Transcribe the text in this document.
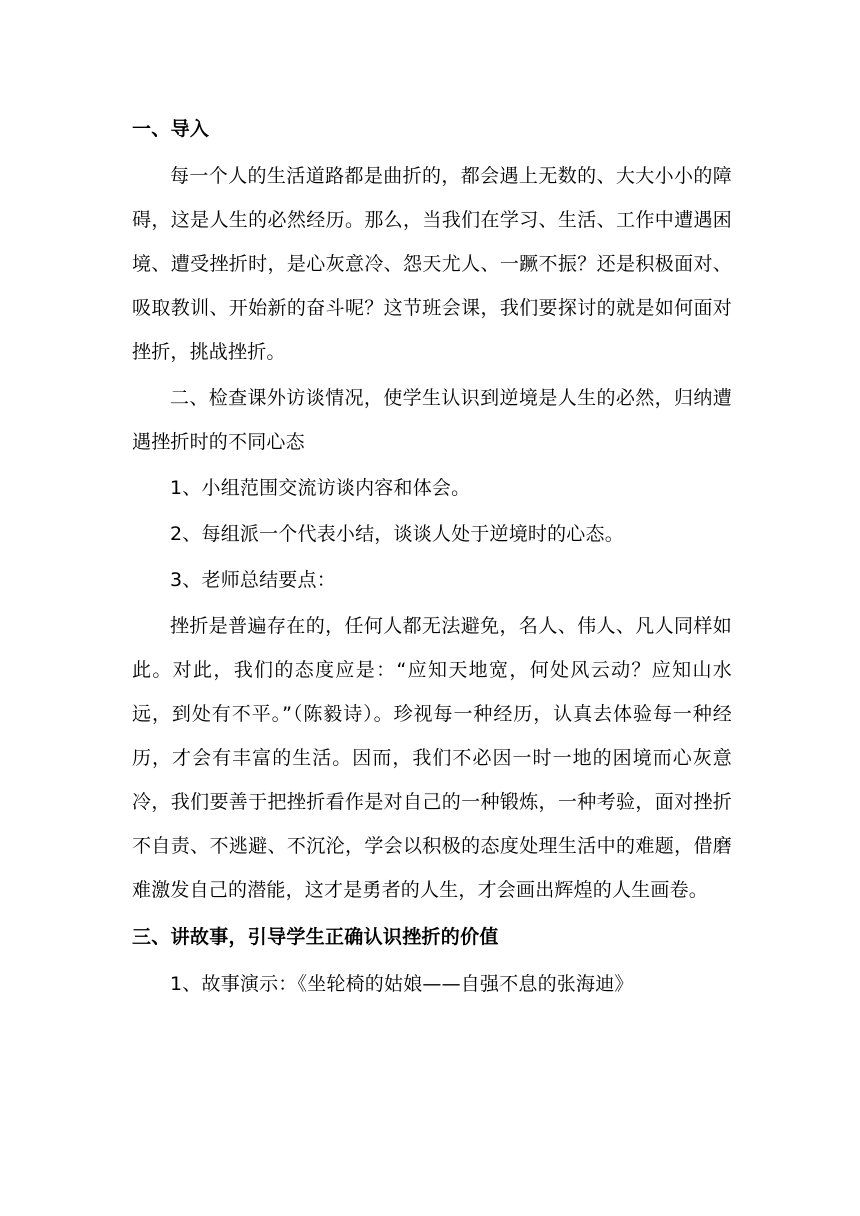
一、导入

每一个人的生活道路都是曲折的，都会遇上无数的、大大小小的障碍，这是人生的必然经历。那么，当我们在学习、生活、工作中遭遇困境、遭受挫折时，是心灰意冷、怨天尤人、一蹶不振？还是积极面对、吸取教训、开始新的奋斗呢？这节班会课，我们要探讨的就是如何面对挫折，挑战挫折。

二、检查课外访谈情况，使学生认识到逆境是人生的必然，归纳遭遇挫折时的不同心态

1、小组范围交流访谈内容和体会。

2、每组派一个代表小结，谈谈人处于逆境时的心态。

3、老师总结要点：

挫折是普遍存在的，任何人都无法避免，名人、伟人、凡人同样如此。对此，我们的态度应是：“应知天地宽，何处风云动？应知山水远，到处有不平。”（陈毅诗）。珍视每一种经历，认真去体验每一种经历，才会有丰富的生活。因而，我们不必因一时一地的困境而心灰意冷，我们要善于把挫折看作是对自己的一种锻炼，一种考验，面对挫折不自责、不逃避、不沉沦，学会以积极的态度处理生活中的难题，借磨难激发自己的潜能，这才是勇者的人生，才会画出辉煌的人生画卷。

三、讲故事，引导学生正确认识挫折的价值

1、故事演示：《坐轮椅的姑娘——自强不息的张海迪》
